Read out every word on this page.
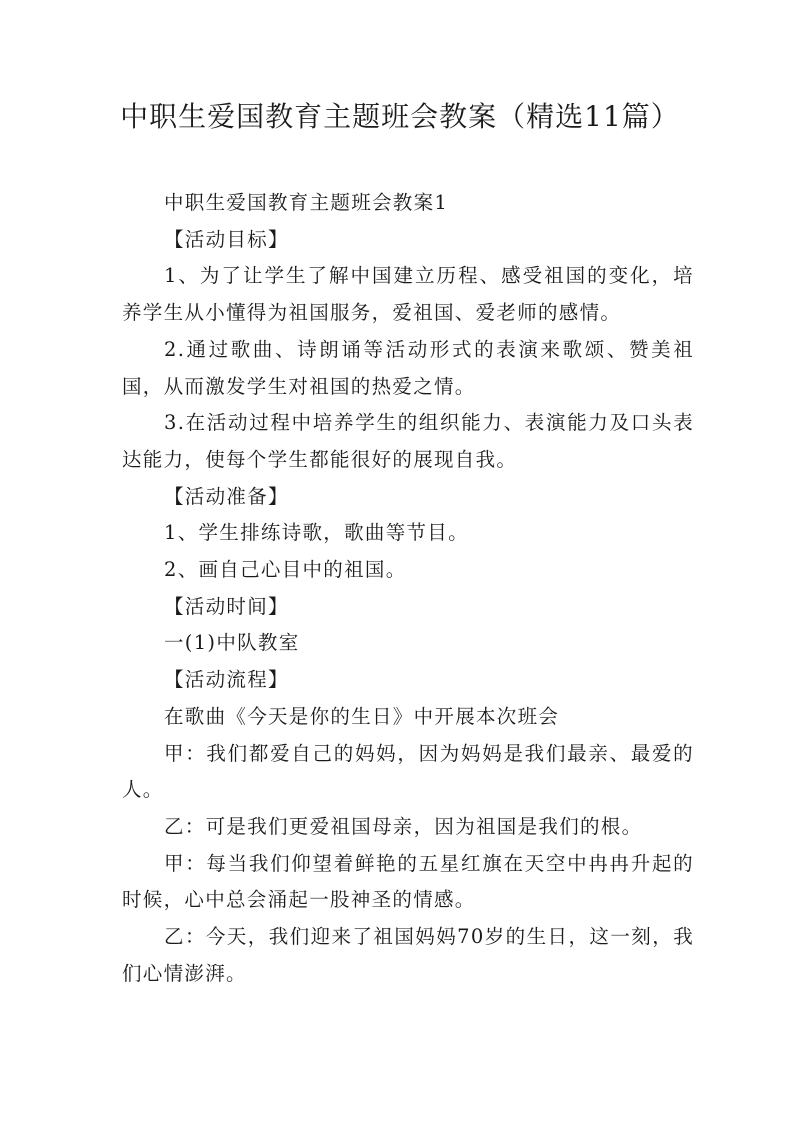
中职生爱国教育主题班会教案（精选11篇）

中职生爱国教育主题班会教案1

【活动目标】

1、为了让学生了解中国建立历程、感受祖国的变化，培养学生从小懂得为祖国服务，爱祖国、爱老师的感情。

2.通过歌曲、诗朗诵等活动形式的表演来歌颂、赞美祖国，从而激发学生对祖国的热爱之情。

3.在活动过程中培养学生的组织能力、表演能力及口头表达能力，使每个学生都能很好的展现自我。

【活动准备】

1、学生排练诗歌，歌曲等节目。

2、画自己心目中的祖国。

【活动时间】

一(1)中队教室

【活动流程】

在歌曲《今天是你的生日》中开展本次班会

甲：我们都爱自己的妈妈，因为妈妈是我们最亲、最爱的人。

乙：可是我们更爱祖国母亲，因为祖国是我们的根。

甲：每当我们仰望着鲜艳的五星红旗在天空中冉冉升起的时候，心中总会涌起一股神圣的情感。

乙：今天，我们迎来了祖国妈妈70岁的生日，这一刻，我们心情澎湃。
